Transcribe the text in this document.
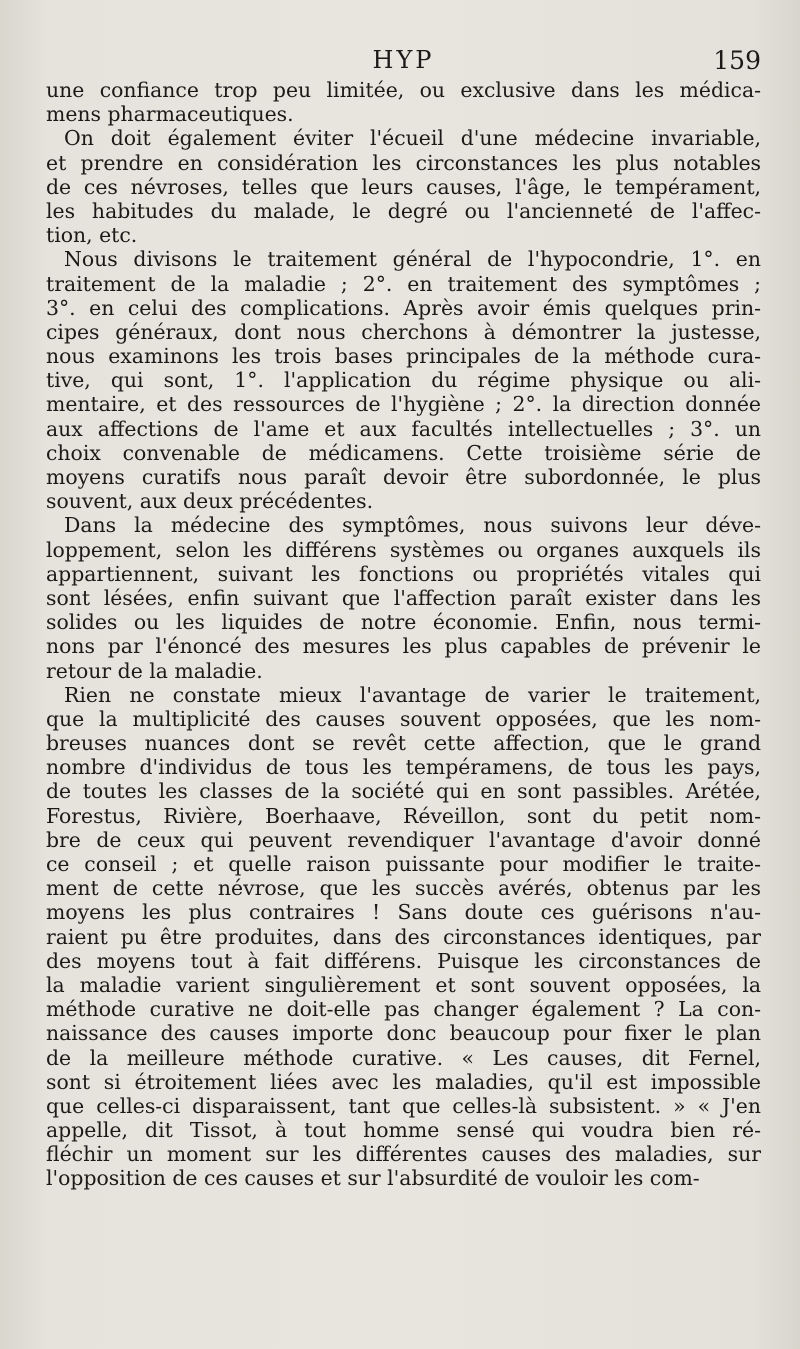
HYP	159
une confiance trop peu limitée, ou exclusive dans les médica-
mens pharmaceutiques.
On doit également éviter l'écueil d'une médecine invariable,
et prendre en considération les circonstances les plus notables
de ces névroses, telles que leurs causes, l'âge, le tempérament,
les habitudes du malade, le degré ou l'ancienneté de l'affec-
tion, etc.
Nous divisons le traitement général de l'hypocondrie, 1°. en
traitement de la maladie ; 2°. en traitement des symptômes ;
3°. en celui des complications. Après avoir émis quelques prin-
cipes généraux, dont nous cherchons à démontrer la justesse,
nous examinons les trois bases principales de la méthode cura-
tive, qui sont, 1°. l'application du régime physique ou ali-
mentaire, et des ressources de l'hygiène ; 2°. la direction donnée
aux affections de l'ame et aux facultés intellectuelles ; 3°. un
choix convenable de médicamens. Cette troisième série de
moyens curatifs nous paraît devoir être subordonnée, le plus
souvent, aux deux précédentes.
Dans la médecine des symptômes, nous suivons leur déve-
loppement, selon les différens systèmes ou organes auxquels ils
appartiennent, suivant les fonctions ou propriétés vitales qui
sont lésées, enfin suivant que l'affection paraît exister dans les
solides ou les liquides de notre économie. Enfin, nous termi-
nons par l'énoncé des mesures les plus capables de prévenir le
retour de la maladie.
Rien ne constate mieux l'avantage de varier le traitement,
que la multiplicité des causes souvent opposées, que les nom-
breuses nuances dont se revêt cette affection, que le grand
nombre d'individus de tous les tempéramens, de tous les pays,
de toutes les classes de la société qui en sont passibles. Arétée,
Forestus, Rivière, Boerhaave, Réveillon, sont du petit nom-
bre de ceux qui peuvent revendiquer l'avantage d'avoir donné
ce conseil ; et quelle raison puissante pour modifier le traite-
ment de cette névrose, que les succès avérés, obtenus par les
moyens les plus contraires ! Sans doute ces guérisons n'au-
raient pu être produites, dans des circonstances identiques, par
des moyens tout à fait différens. Puisque les circonstances de
la maladie varient singulièrement et sont souvent opposées, la
méthode curative ne doit-elle pas changer également ? La con-
naissance des causes importe donc beaucoup pour fixer le plan
de la meilleure méthode curative. « Les causes, dit Fernel,
sont si étroitement liées avec les maladies, qu'il est impossible
que celles-ci disparaissent, tant que celles-là subsistent. » « J'en
appelle, dit Tissot, à tout homme sensé qui voudra bien ré-
fléchir un moment sur les différentes causes des maladies, sur
l'opposition de ces causes et sur l'absurdité de vouloir les com-
